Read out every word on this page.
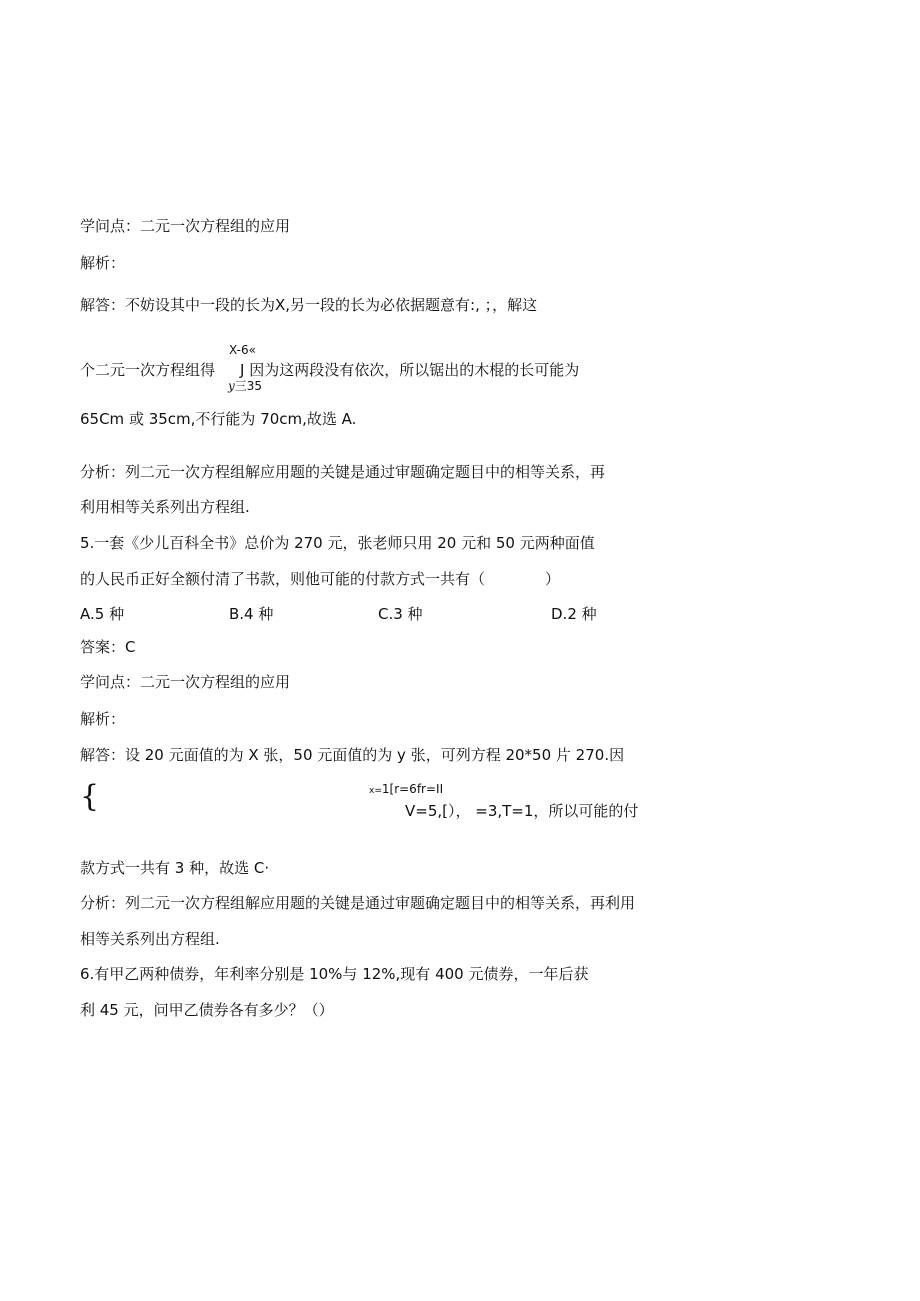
学问点：二元一次方程组的应用
解析：
解答：不妨设其中一段的长为X,另一段的长为必依据题意有:, ；，解这
X-6«
个二元一次方程组得 J 因为这两段没有依次，所以锯出的木棍的长可能为
y三35
65Cm 或 35cm,不行能为 70cm,故选 A.
分析：列二元一次方程组解应用题的关键是通过审题确定题目中的相等关系，再
利用相等关系列出方程组.
5.一套《少儿百科全书》总价为 270 元，张老师只用 20 元和 50 元两种面值
的人民币正好全额付清了书款，则他可能的付款方式一共有（　　　　）
A.5 种	B.4 种	C.3 种	D.2 种
答案：C
学问点：二元一次方程组的应用
解析：
解答：设 20 元面值的为 X 张，50 元面值的为 y 张，可列方程 20*50 片 270.因
{	x=1[r=6fr=II
V=5,[）， =3,T=1，所以可能的付
款方式一共有 3 种，故选 C·
分析：列二元一次方程组解应用题的关键是通过审题确定题目中的相等关系，再利用
相等关系列出方程组.
6.有甲乙两种债券，年利率分别是 10%与 12%,现有 400 元债券，一年后获
利 45 元，问甲乙债券各有多少？（）
